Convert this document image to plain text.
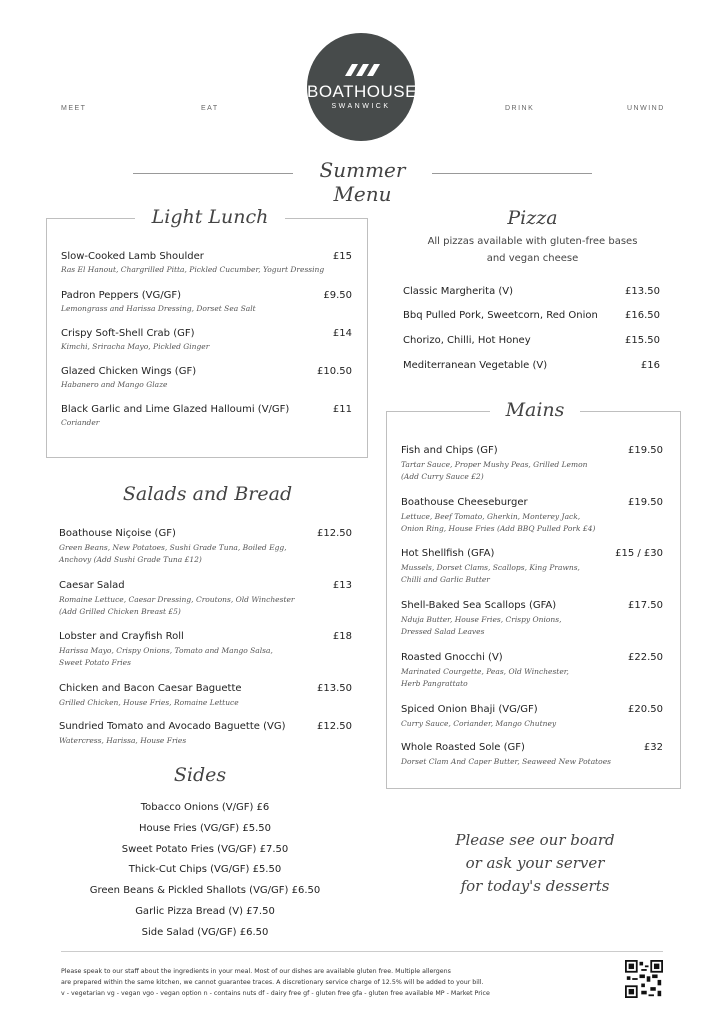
MEET	EAT	DRINK	UNWIND
BOATHOUSE
SWANWICK
Summer Menu
Light Lunch
Slow-Cooked Lamb Shoulder	£15
Ras El Hanout, Chargrilled Pitta, Pickled Cucumber, Yogurt Dressing
Padron Peppers (VG/GF)	£9.50
Lemongrass and Harissa Dressing, Dorset Sea Salt
Crispy Soft-Shell Crab (GF)	£14
Kimchi, Sriracha Mayo, Pickled Ginger
Glazed Chicken Wings (GF)	£10.50
Habanero and Mango Glaze
Black Garlic and Lime Glazed Halloumi (V/GF)	£11
Coriander
Salads and Bread
Boathouse Niçoise (GF)	£12.50
Green Beans, New Potatoes, Sushi Grade Tuna, Boiled Egg,
Anchovy (Add Sushi Grade Tuna £12)
Caesar Salad	£13
Romaine Lettuce, Caesar Dressing, Croutons, Old Winchester
(Add Grilled Chicken Breast £5)
Lobster and Crayfish Roll	£18
Harissa Mayo, Crispy Onions, Tomato and Mango Salsa,
Sweet Potato Fries
Chicken and Bacon Caesar Baguette	£13.50
Grilled Chicken, House Fries, Romaine Lettuce
Sundried Tomato and Avocado Baguette (VG)	£12.50
Watercress, Harissa, House Fries
Sides
Tobacco Onions (V/GF) £6
House Fries (VG/GF) £5.50
Sweet Potato Fries (VG/GF) £7.50
Thick-Cut Chips (VG/GF) £5.50
Green Beans & Pickled Shallots (VG/GF) £6.50
Garlic Pizza Bread (V) £7.50
Side Salad (VG/GF) £6.50
Pizza
All pizzas available with gluten-free bases
and vegan cheese
Classic Margherita (V)	£13.50
Bbq Pulled Pork, Sweetcorn, Red Onion	£16.50
Chorizo, Chilli, Hot Honey	£15.50
Mediterranean Vegetable (V)	£16
Mains
Fish and Chips (GF)	£19.50
Tartar Sauce, Proper Mushy Peas, Grilled Lemon
(Add Curry Sauce £2)
Boathouse Cheeseburger	£19.50
Lettuce, Beef Tomato, Gherkin, Monterey Jack,
Onion Ring, House Fries (Add BBQ Pulled Pork £4)
Hot Shellfish (GFA)	£15 / £30
Mussels, Dorset Clams, Scallops, King Prawns,
Chilli and Garlic Butter
Shell-Baked Sea Scallops (GFA)	£17.50
Nduja Butter, House Fries, Crispy Onions,
Dressed Salad Leaves
Roasted Gnocchi (V)	£22.50
Marinated Courgette, Peas, Old Winchester,
Herb Pangrattato
Spiced Onion Bhaji (VG/GF)	£20.50
Curry Sauce, Coriander, Mango Chutney
Whole Roasted Sole (GF)	£32
Dorset Clam And Caper Butter, Seaweed New Potatoes
Please see our board
or ask your server
for today's desserts
Please speak to our staff about the ingredients in your meal. Most of our dishes are available gluten free. Multiple allergens
are prepared within the same kitchen, we cannot guarantee traces. A discretionary service charge of 12.5% will be added to your bill.
v - vegetarian vg - vegan vgo - vegan option n - contains nuts df - dairy free gf - gluten free gfa - gluten free available MP - Market Price
